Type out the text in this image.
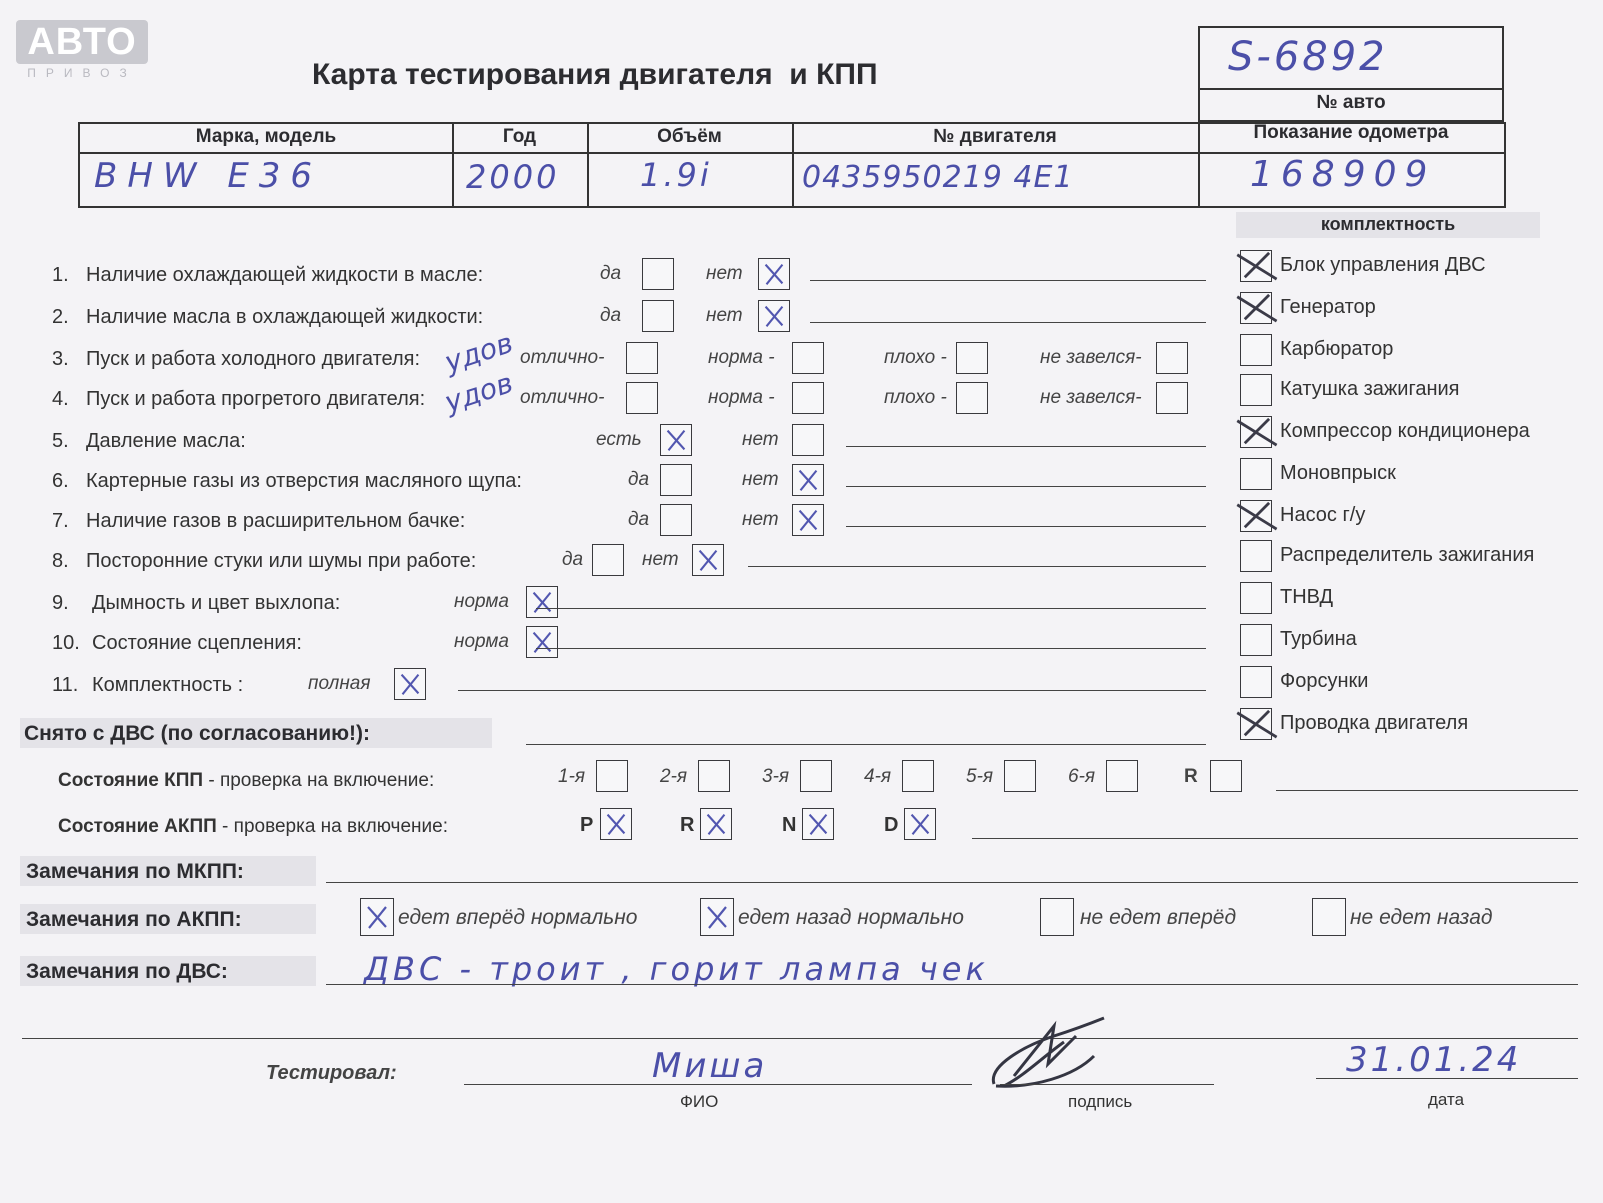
АВТО
ПРИВОЗ	Карта тестирования двигателя  и КПП	S-6892
№ авто
Марка, модель	Год	Объём	№ двигателя	Показание одометра
BHW E36	2000	1.9i	0435950219 4E1	168909
комплектность
Снято с ДВС (по согласованию!):
Состояние КПП - проверка на включение:
Состояние АКПП - проверка на включение:
Замечания по МКПП:
Замечания по АКПП:
Замечания по ДВС:	ДВС - троит , горит лампа чек
Тестировал:	Миша
ФИО	подпись
31.01.24
дата
1. Наличие охлаждающей жидкости в масле:	да	нет
2. Наличие масла в охлаждающей жидкости:	да	нет
3. Пуск и работа холодного двигателя: удов отлично-	норма -	плохо -	не завелся-
4. Пуск и работа прогретого двигателя: удов отлично-	норма -	плохо -	не завелся-
5. Давление масла:	есть	нет
6. Картерные газы из отверстия масляного щупа:	да	нет
7. Наличие газов в расширительном бачке:	да	нет
8. Посторонние стуки или шумы при работе:	да	нет
9. Дымность и цвет выхлопа:	норма
10. Состояние сцепления:	норма
11. Комплектность :	полная
Блок управления ДВС
Генератор
Карбюратор
Катушка зажигания
Компрессор кондиционера
Моновпрыск
Насос г/у
Распределитель зажигания
ТНВД
Турбина
Форсунки
Проводка двигателя
1-я	2-я	3-я	4-я	5-я	6-я	R
P	R	N	D
едет вперёд нормально	едет назад нормально	не едет вперёд	не едет назад
